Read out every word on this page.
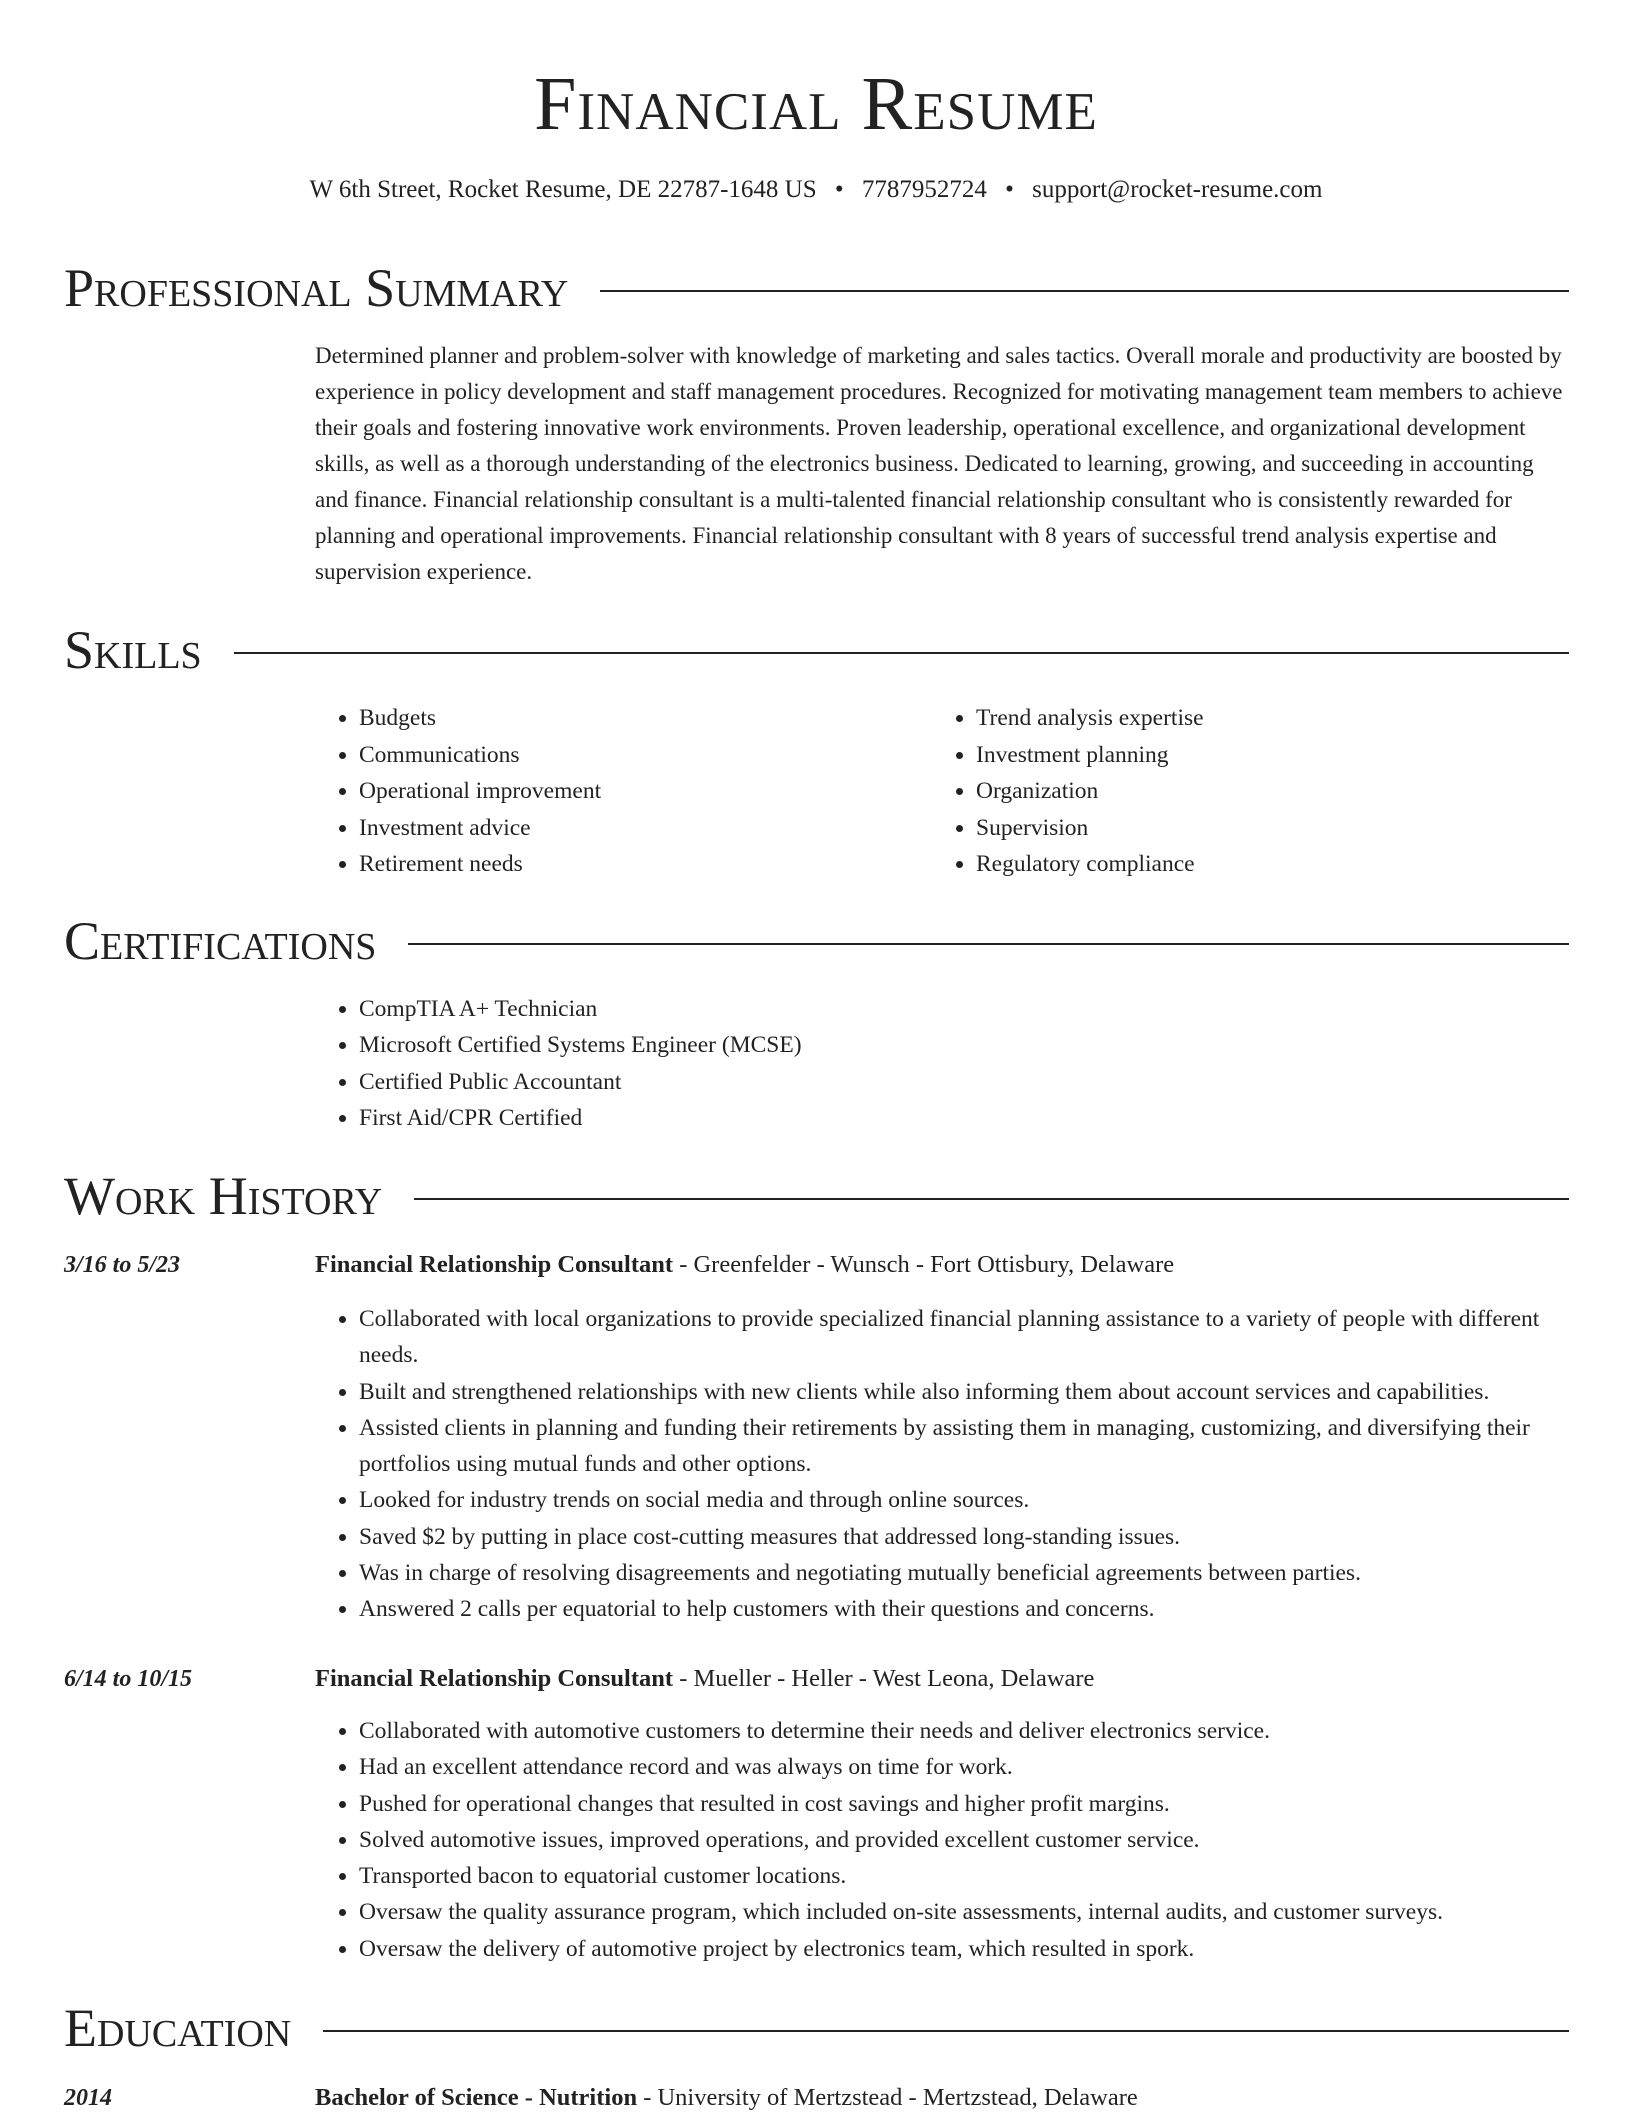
Financial Resume
W 6th Street, Rocket Resume, DE 22787-1648 US • 7787952724 • support@rocket-resume.com
Professional Summary
Determined planner and problem-solver with knowledge of marketing and sales tactics. Overall morale and productivity are boosted by experience in policy development and staff management procedures. Recognized for motivating management team members to achieve their goals and fostering innovative work environments. Proven leadership, operational excellence, and organizational development skills, as well as a thorough understanding of the electronics business. Dedicated to learning, growing, and succeeding in accounting and finance. Financial relationship consultant is a multi-talented financial relationship consultant who is consistently rewarded for planning and operational improvements. Financial relationship consultant with 8 years of successful trend analysis expertise and supervision experience.
Skills
• Budgets
• Communications
• Operational improvement
• Investment advice
• Retirement needs
• Trend analysis expertise
• Investment planning
• Organization
• Supervision
• Regulatory compliance
Certifications
• CompTIA A+ Technician
• Microsoft Certified Systems Engineer (MCSE)
• Certified Public Accountant
• First Aid/CPR Certified
Work History
3/16 to 5/23	Financial Relationship Consultant - Greenfelder - Wunsch - Fort Ottisbury, Delaware
• Collaborated with local organizations to provide specialized financial planning assistance to a variety of people with different needs.
• Built and strengthened relationships with new clients while also informing them about account services and capabilities.
• Assisted clients in planning and funding their retirements by assisting them in managing, customizing, and diversifying their portfolios using mutual funds and other options.
• Looked for industry trends on social media and through online sources.
• Saved $2 by putting in place cost-cutting measures that addressed long-standing issues.
• Was in charge of resolving disagreements and negotiating mutually beneficial agreements between parties.
• Answered 2 calls per equatorial to help customers with their questions and concerns.
6/14 to 10/15	Financial Relationship Consultant - Mueller - Heller - West Leona, Delaware
• Collaborated with automotive customers to determine their needs and deliver electronics service.
• Had an excellent attendance record and was always on time for work.
• Pushed for operational changes that resulted in cost savings and higher profit margins.
• Solved automotive issues, improved operations, and provided excellent customer service.
• Transported bacon to equatorial customer locations.
• Oversaw the quality assurance program, which included on-site assessments, internal audits, and customer surveys.
• Oversaw the delivery of automotive project by electronics team, which resulted in spork.
Education
2014	Bachelor of Science - Nutrition - University of Mertzstead - Mertzstead, Delaware
